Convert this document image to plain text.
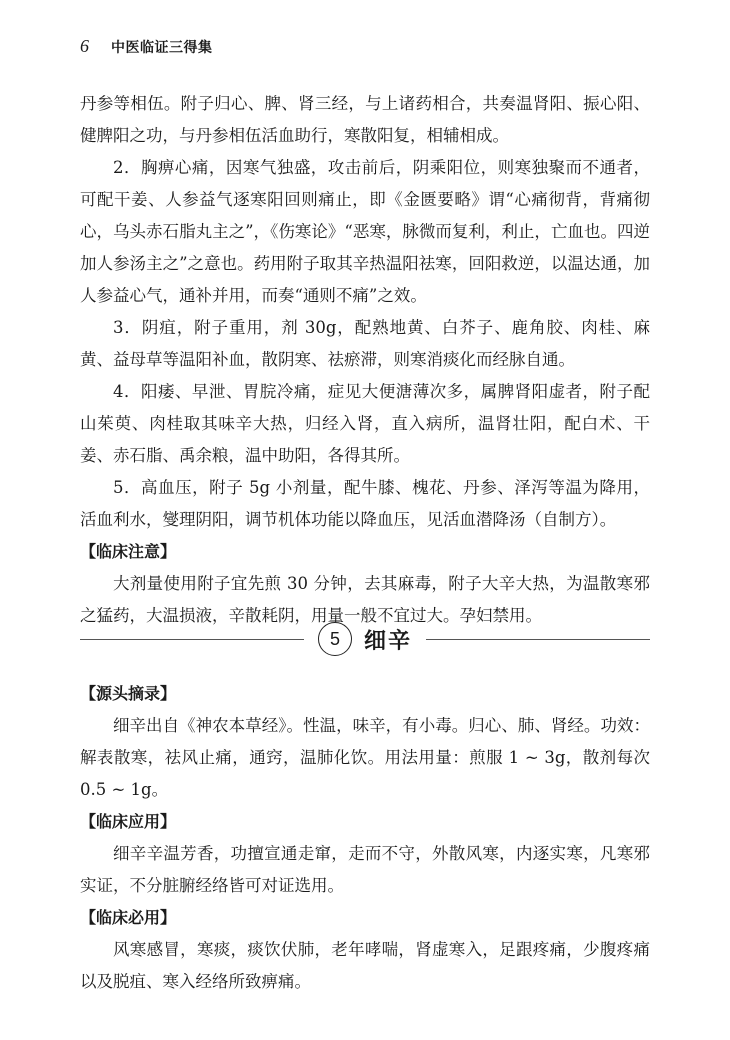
6 中医临证三得集

丹参等相伍。附子归心、脾、肾三经，与上诸药相合，共奏温肾阳、振心阳、健脾阳之功，与丹参相伍活血助行，寒散阳复，相辅相成。

2．胸痹心痛，因寒气独盛，攻击前后，阴乘阳位，则寒独聚而不通者，可配干姜、人参益气逐寒阳回则痛止，即《金匮要略》谓“心痛彻背，背痛彻心，乌头赤石脂丸主之”，《伤寒论》“恶寒，脉微而复利，利止，亡血也。四逆加人参汤主之”之意也。药用附子取其辛热温阳祛寒，回阳救逆，以温达通，加人参益心气，通补并用，而奏“通则不痛”之效。

3．阴疽，附子重用，剂 30g，配熟地黄、白芥子、鹿角胶、肉桂、麻黄、益母草等温阳补血，散阴寒、祛瘀滞，则寒消痰化而经脉自通。

4．阳痿、早泄、胃脘冷痛，症见大便溏薄次多，属脾肾阳虚者，附子配山茱萸、肉桂取其味辛大热，归经入肾，直入病所，温肾壮阳，配白术、干姜、赤石脂、禹余粮，温中助阳，各得其所。

5．高血压，附子 5g 小剂量，配牛膝、槐花、丹参、泽泻等温为降用，活血利水，燮理阴阳，调节机体功能以降血压，见活血潜降汤（自制方）。

【临床注意】

大剂量使用附子宜先煎 30 分钟，去其麻毒，附子大辛大热，为温散寒邪之猛药，大温损液，辛散耗阴，用量一般不宜过大。孕妇禁用。

5	细辛
【源头摘录】

细辛出自《神农本草经》。性温，味辛，有小毒。归心、肺、肾经。功效：解表散寒，祛风止痛，通窍，温肺化饮。用法用量：煎服 1 ~ 3g，散剂每次 0.5 ~ 1g。

【临床应用】

细辛辛温芳香，功擅宣通走窜，走而不守，外散风寒，内逐实寒，凡寒邪实证，不分脏腑经络皆可对证选用。

【临床必用】

风寒感冒，寒痰，痰饮伏肺，老年哮喘，肾虚寒入，足跟疼痛，少腹疼痛以及脱疽、寒入经络所致痹痛。
